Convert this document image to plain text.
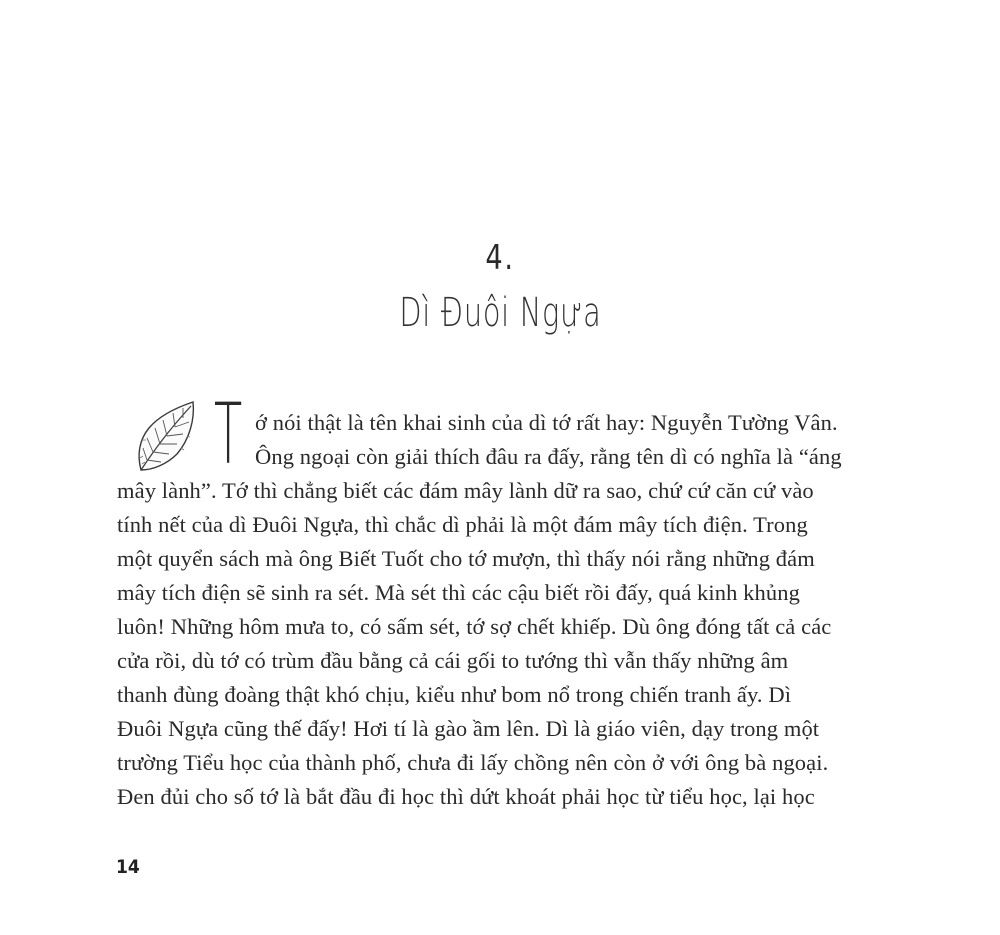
4.
Dì Đuôi Ngựa
T ớ nói thật là tên khai sinh của dì tớ rất hay: Nguyễn Tường Vân.
Ông ngoại còn giải thích đâu ra đấy, rằng tên dì có nghĩa là “áng
mây lành”. Tớ thì chẳng biết các đám mây lành dữ ra sao, chứ cứ căn cứ vào
tính nết của dì Đuôi Ngựa, thì chắc dì phải là một đám mây tích điện. Trong
một quyển sách mà ông Biết Tuốt cho tớ mượn, thì thấy nói rằng những đám
mây tích điện sẽ sinh ra sét. Mà sét thì các cậu biết rồi đấy, quá kinh khủng
luôn! Những hôm mưa to, có sấm sét, tớ sợ chết khiếp. Dù ông đóng tất cả các
cửa rồi, dù tớ có trùm đầu bằng cả cái gối to tướng thì vẫn thấy những âm
thanh đùng đoàng thật khó chịu, kiểu như bom nổ trong chiến tranh ấy. Dì
Đuôi Ngựa cũng thế đấy! Hơi tí là gào ầm lên. Dì là giáo viên, dạy trong một
trường Tiểu học của thành phố, chưa đi lấy chồng nên còn ở với ông bà ngoại.
Đen đủi cho số tớ là bắt đầu đi học thì dứt khoát phải học từ tiểu học, lại học
14
